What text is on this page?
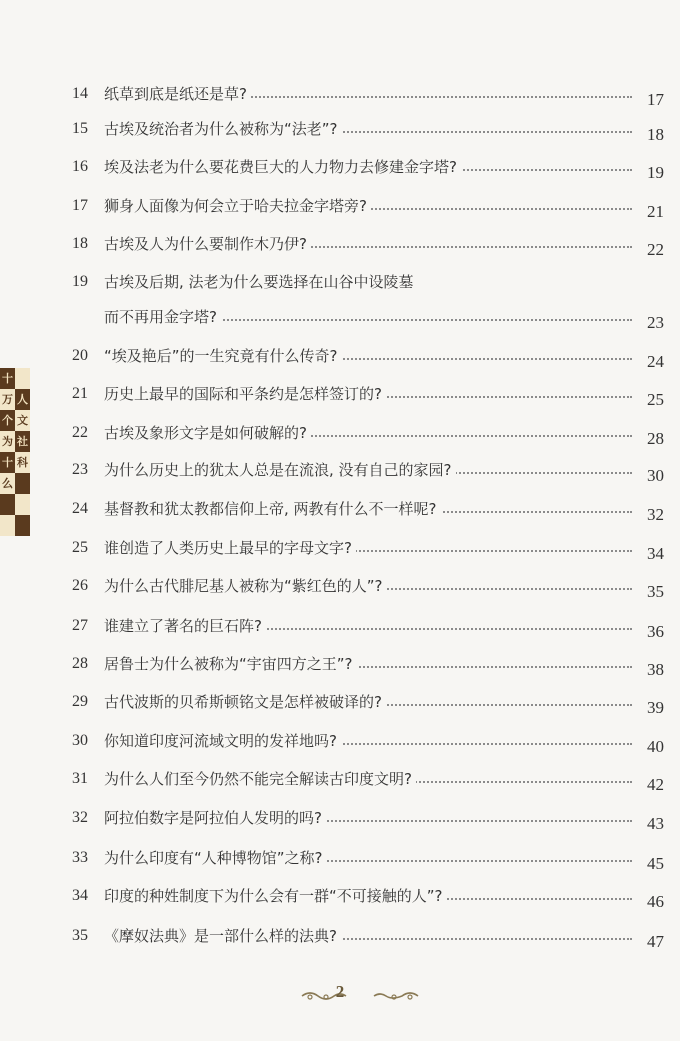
14	纸草到底是纸还是草?	17
15	古埃及统治者为什么被称为“法老”?	18
16	埃及法老为什么要花费巨大的人力物力去修建金字塔?	19
17	狮身人面像为何会立于哈夫拉金字塔旁?	21
18	古埃及人为什么要制作木乃伊?	22
19	古埃及后期, 法老为什么要选择在山谷中设陵墓
而不再用金字塔?	23
20	“埃及艳后”的一生究竟有什么传奇?	24
21	历史上最早的国际和平条约是怎样签订的?	25
22	古埃及象形文字是如何破解的?	28
23	为什么历史上的犹太人总是在流浪, 没有自己的家园?	30
24	基督教和犹太教都信仰上帝, 两教有什么不一样呢?	32
25	谁创造了人类历史上最早的字母文字?	34
26	为什么古代腓尼基人被称为“紫红色的人”?	35
27	谁建立了著名的巨石阵?	36
28	居鲁士为什么被称为“宇宙四方之王”?	38
29	古代波斯的贝希斯顿铭文是怎样被破译的?	39
30	你知道印度河流域文明的发祥地吗?	40
31	为什么人们至今仍然不能完全解读古印度文明?	42
32	阿拉伯数字是阿拉伯人发明的吗?	43
33	为什么印度有“人种博物馆”之称?	45
34	印度的种姓制度下为什么会有一群“不可接触的人”?	46
35	《摩奴法典》是一部什么样的法典?	47
十
万 人
个 文
为 社
十 科
么
2
